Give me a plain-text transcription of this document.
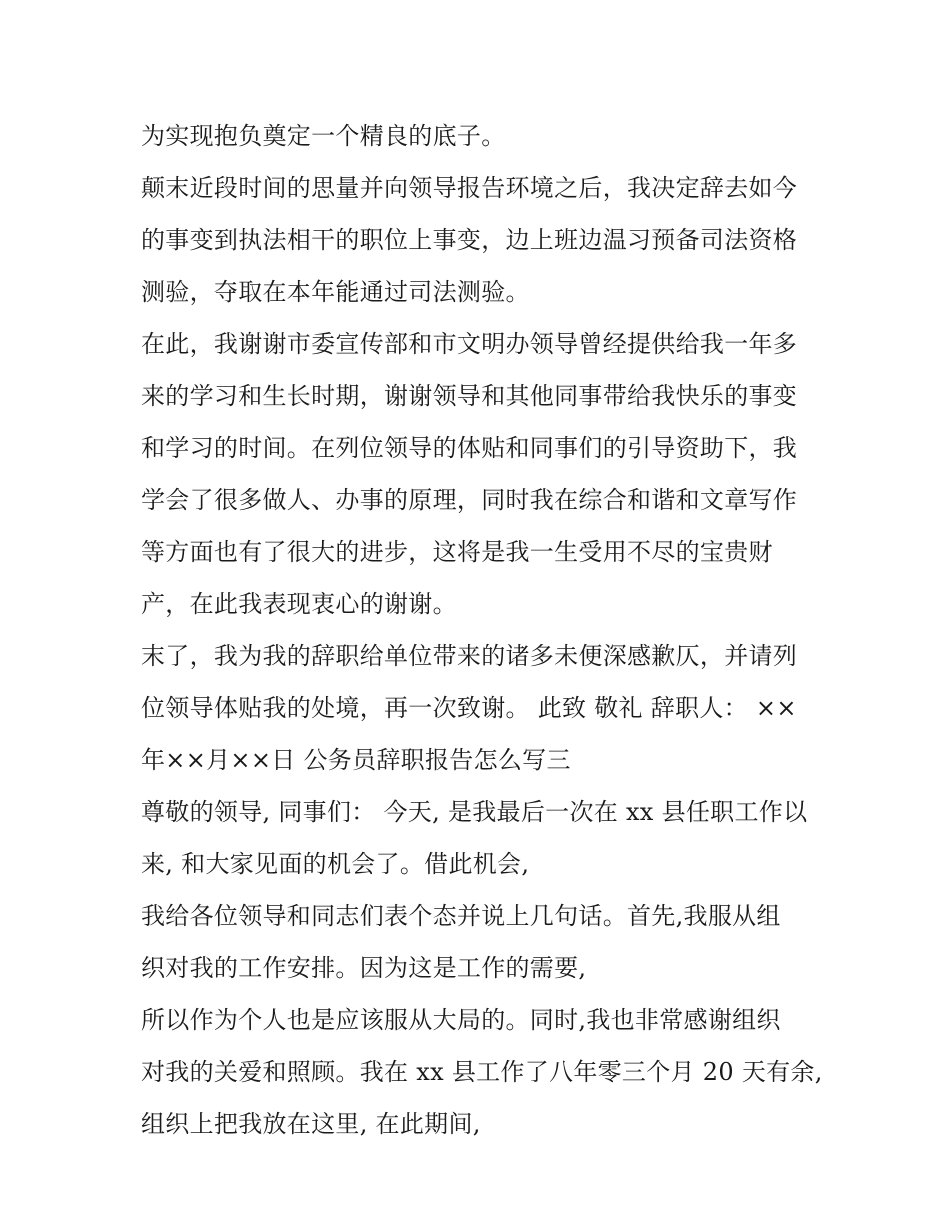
为实现抱负奠定一个精良的底子。
颠末近段时间的思量并向领导报告环境之后，我决定辞去如今
的事变到执法相干的职位上事变，边上班边温习预备司法资格
测验，夺取在本年能通过司法测验。
在此，我谢谢市委宣传部和市文明办领导曾经提供给我一年多
来的学习和生长时期，谢谢领导和其他同事带给我快乐的事变
和学习的时间。在列位领导的体贴和同事们的引导资助下，我
学会了很多做人、办事的原理，同时我在综合和谐和文章写作
等方面也有了很大的进步，这将是我一生受用不尽的宝贵财
产，在此我表现衷心的谢谢。
末了，我为我的辞职给单位带来的诸多未便深感歉仄，并请列
位领导体贴我的处境，再一次致谢。 此致 敬礼 辞职人： ××
年××月××日 公务员辞职报告怎么写三
尊敬的领导, 同事们： 今天, 是我最后一次在 xx 县任职工作以
来, 和大家见面的机会了。借此机会,
我给各位领导和同志们表个态并说上几句话。首先,我服从组
织对我的工作安排。因为这是工作的需要,
所以作为个人也是应该服从大局的。同时,我也非常感谢组织
对我的关爱和照顾。我在 xx 县工作了八年零三个月 20 天有余,
组织上把我放在这里, 在此期间,
